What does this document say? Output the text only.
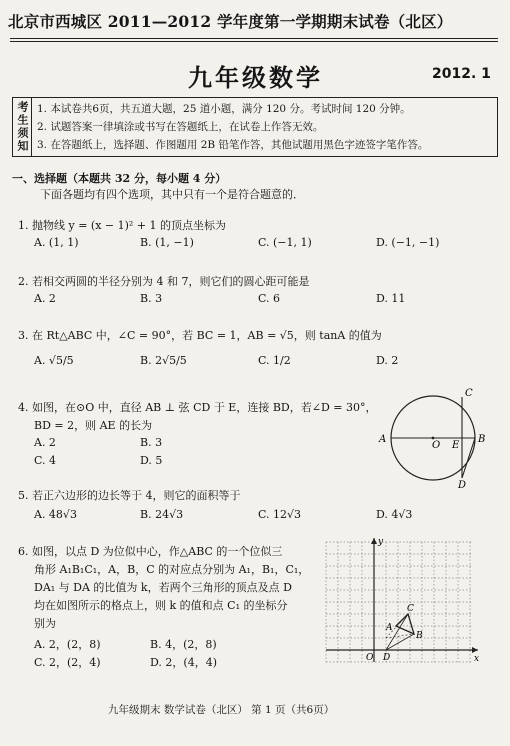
北京市西城区 2011—2012 学年度第一学期期末试卷（北区）
九年级数学	2012. 1
考生须知 1. 本试卷共6页，共五道大题，25 道小题，满分 120 分。考试时间 120 分钟。
2. 试题答案一律填涂或书写在答题纸上，在试卷上作答无效。
3. 在答题纸上，选择题、作图题用 2B 铅笔作答，其他试题用黑色字迹签字笔作答。
一、选择题（本题共 32 分，每小题 4 分）
下面各题均有四个选项，其中只有一个是符合题意的．
1. 抛物线 y = (x − 1)² + 1 的顶点坐标为
A. (1, 1)	B. (1, −1)	C. (−1, 1)	D. (−1, −1)
2. 若相交两圆的半径分别为 4 和 7，则它们的圆心距可能是
A. 2	B. 3	C. 6	D. 11
3. 在 Rt△ABC 中，∠C = 90°，若 BC = 1，AB = √5，则 tanA 的值为
A. √5/5	B. 2√5/5	C. 1/2	D. 2
4. 如图，在⊙O 中，直径 AB ⊥ 弦 CD 于 E，连接 BD，若∠D = 30°，
BD = 2，则 AE 的长为
A. 2	B. 3
C. 4	D. 5
A	B
C
D
O E
5. 若正六边形的边长等于 4，则它的面积等于
A. 48√3	B. 24√3	C. 12√3	D. 4√3
6. 如图，以点 D 为位似中心，作△ABC 的一个位似三
角形 A₁B₁C₁，A，B，C 的对应点分别为 A₁，B₁，C₁，
DA₁ 与 DA 的比值为 k，若两个三角形的顶点及点 D
均在如图所示的格点上，则 k 的值和点 C₁ 的坐标分
别为
A. 2，(2，8)	B. 4，(2，8)
C. 2，(2，4)	D. 2，(4，4)
y
x
O
C
A
B
D
九年级期末 数学试卷（北区） 第 1 页（共6页）
